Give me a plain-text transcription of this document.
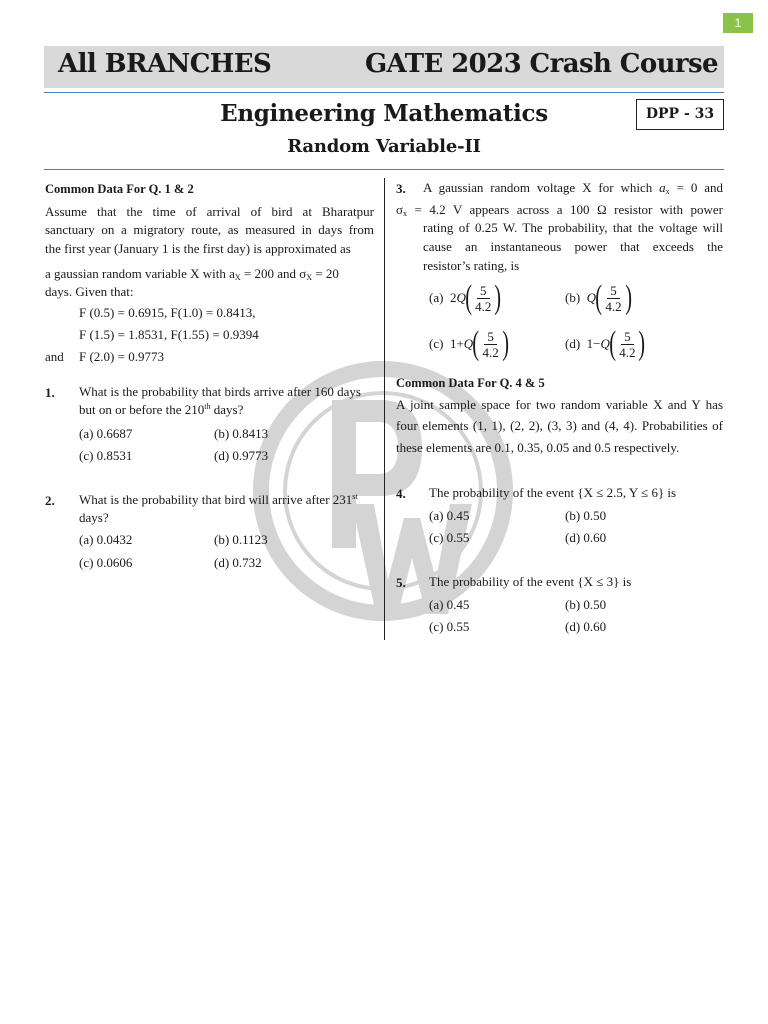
1
All BRANCHES	GATE 2023 Crash Course
Engineering Mathematics
Random Variable-II
DPP - 33
Common Data For Q. 1 & 2
Assume that the time of arrival of bird at Bharatpur
sanctuary on a migratory route, as measured in days from
the first year (January 1 is the first day) is approximated as
a gaussian random variable X with $a_X = 200$ and $\sigma_X = 20$
days. Given that:
F (0.5) = 0.6915, F(1.0) = 0.8413,
F (1.5) = 1.8531, F(1.55) = 0.9394
and F (2.0) = 0.9773
1. What is the probability that birds arrive after 160 days
but on or before the 210th days?
(a) 0.6687	(b) 0.8413
(c) 0.8531	(d) 0.9773
2. What is the probability that bird will arrive after 231st
days?
(a) 0.0432	(b) 0.1123
(c) 0.0606	(d) 0.732
3. A gaussian random voltage X for which $a_x = 0$ and
$\sigma_x = 4.2$ V appears across a 100 Ω resistor with power
rating of 0.25 W. The probability, that the voltage will
cause an instantaneous power that exceeds the
resistor’s rating, is
(a)
2 Q ( $\frac{5}{4.2}$ )	(b)
Q ( $\frac{5}{4.2}$ )
(c)
1+ Q ( $\frac{5}{4.2}$ )	(d)
1− Q ( $\frac{5}{4.2}$ )
Common Data For Q. 4 & 5
A joint sample space for two random variable X and Y has
four elements (1, 1), (2, 2), (3, 3) and (4, 4). Probabilities of
these elements are 0.1, 0.35, 0.05 and 0.5 respectively.
4. The probability of the event {X ≤ 2.5, Y ≤ 6} is
(a) 0.45	(b) 0.50
(c) 0.55	(d) 0.60
5. The probability of the event {X ≤ 3} is
(a) 0.45	(b) 0.50
(c) 0.55	(d) 0.60
